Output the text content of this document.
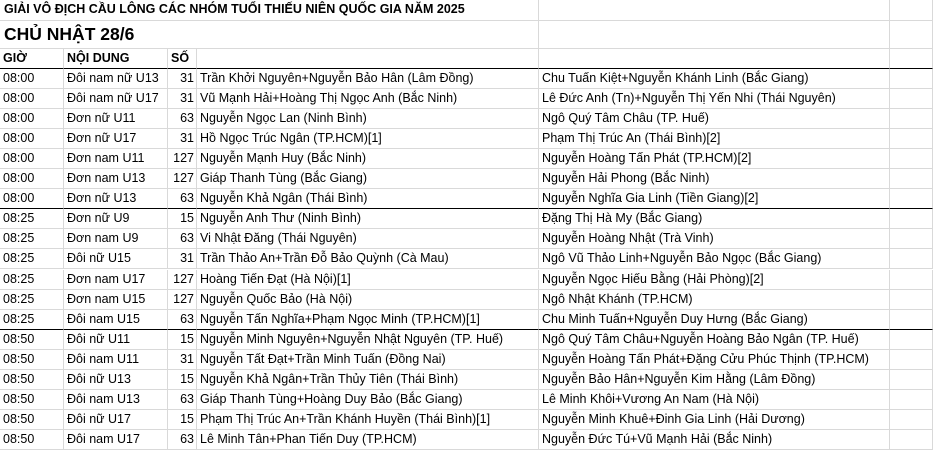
GIẢI VÔ ĐỊCH CẦU LÔNG CÁC NHÓM TUỔI THIẾU NIÊN QUỐC GIA NĂM 2025
CHỦ NHẬT 28/6
GIỜ	NỘI DUNG	SỐ
08:00	Đôi nam nữ U13	31 Trần Khởi Nguyên+Nguyễn Bảo Hân (Lâm Đồng)	Chu Tuấn Kiệt+Nguyễn Khánh Linh (Bắc Giang)
08:00	Đôi nam nữ U17	31 Vũ Mạnh Hải+Hoàng Thị Ngọc Anh (Bắc Ninh)	Lê Đức Anh (Tn)+Nguyễn Thị Yến Nhi (Thái Nguyên)
08:00	Đơn nữ U11	63 Nguyễn Ngọc Lan (Ninh Bình)	Ngô Quý Tâm Châu (TP. Huế)
08:00	Đơn nữ U17	31 Hồ Ngọc Trúc Ngân (TP.HCM)[1]	Phạm Thị Trúc An (Thái Bình)[2]
08:00	Đơn nam U11	127 Nguyễn Mạnh Huy (Bắc Ninh)	Nguyễn Hoàng Tấn Phát (TP.HCM)[2]
08:00	Đơn nam U13	127 Giáp Thanh Tùng (Bắc Giang)	Nguyễn Hải Phong (Bắc Ninh)
08:00	Đơn nữ U13	63 Nguyễn Khả Ngân (Thái Bình)	Nguyễn Nghĩa Gia Linh (Tiền Giang)[2]
08:25	Đơn nữ U9	15 Nguyễn Anh Thư (Ninh Bình)	Đặng Thị Hà My (Bắc Giang)
08:25	Đơn nam U9	63 Vi Nhật Đăng (Thái Nguyên)	Nguyễn Hoàng Nhật (Trà Vinh)
08:25	Đôi nữ U15	31 Trần Thảo An+Trần Đỗ Bảo Quỳnh (Cà Mau)	Ngô Vũ Thảo Linh+Nguyễn Bảo Ngọc (Bắc Giang)
08:25	Đơn nam U17	127 Hoàng Tiến Đạt (Hà Nội)[1]	Nguyễn Ngọc Hiếu Bằng (Hải Phòng)[2]
08:25	Đơn nam U15	127 Nguyễn Quốc Bảo (Hà Nội)	Ngô Nhật Khánh (TP.HCM)
08:25	Đôi nam U15	63 Nguyễn Tấn Nghĩa+Phạm Ngọc Minh (TP.HCM)[1]	Chu Minh Tuấn+Nguyễn Duy Hưng (Bắc Giang)
08:50	Đôi nữ U11	15 Nguyễn Minh Nguyên+Nguyễn Nhật Nguyên (TP. Huế)	Ngô Quý Tâm Châu+Nguyễn Hoàng Bảo Ngân (TP. Huế)
08:50	Đôi nam U11	31 Nguyễn Tất Đạt+Trần Minh Tuấn (Đồng Nai)	Nguyễn Hoàng Tấn Phát+Đặng Cửu Phúc Thịnh (TP.HCM)
08:50	Đôi nữ U13	15 Nguyễn Khả Ngân+Trần Thủy Tiên (Thái Bình)	Nguyễn Bảo Hân+Nguyễn Kim Hằng (Lâm Đồng)
08:50	Đôi nam U13	63 Giáp Thanh Tùng+Hoàng Duy Bảo (Bắc Giang)	Lê Minh Khôi+Vương An Nam (Hà Nội)
08:50	Đôi nữ U17	15 Phạm Thị Trúc An+Trần Khánh Huyền (Thái Bình)[1]	Nguyễn Minh Khuê+Đinh Gia Linh (Hải Dương)
08:50	Đôi nam U17	63 Lê Minh Tân+Phan Tiến Duy (TP.HCM)	Nguyễn Đức Tú+Vũ Mạnh Hải (Bắc Ninh)
